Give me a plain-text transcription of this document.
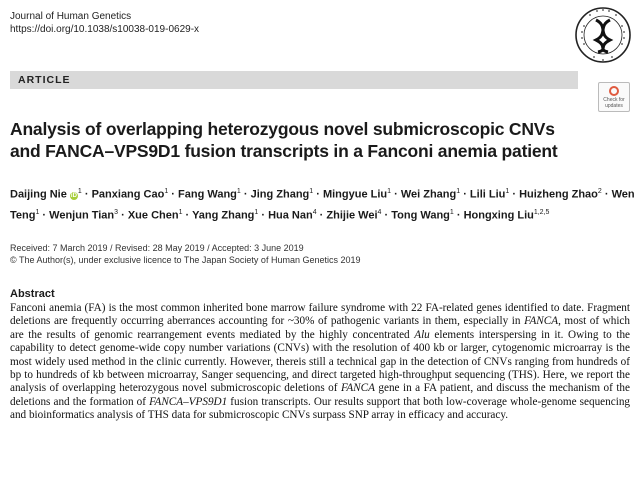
Journal of Human Genetics
https://doi.org/10.1038/s10038-019-0629-x
ARTICLE
Check for
updates
Analysis of overlapping heterozygous novel submicroscopic CNVs
and FANCA–VPS9D1 fusion transcripts in a Fanconi anemia patient
Daijing Nie $iD^1$ · Panxiang Cao$^1$ · Fang Wang$^1$ · Jing Zhang$^1$ · Mingyue Liu$^1$ · Wei Zhang$^1$ · Lili Liu$^1$ · Huizheng Zhao$^2$ · Wen Teng$^1$ · Wenjun Tian$^3$ · Xue Chen$^1$ · Yang Zhang$^1$ · Hua Nan$^4$ · Zhijie Wei$^4$ · Tong Wang$^1$ · Hongxing Liu$^{1,2,5}$
Received: 7 March 2019 / Revised: 28 May 2019 / Accepted: 3 June 2019
© The Author(s), under exclusive licence to The Japan Society of Human Genetics 2019
Abstract
Fanconi anemia (FA) is the most common inherited bone marrow failure syndrome with 22 FA-related genes identified to date. Fragment deletions are frequently occurring aberrances accounting for ~30% of pathogenic variants in them, especially in FANCA, most of which are the results of genomic rearrangement events mediated by the highly concentrated Alu elements interspersing in it. Owing to the capability to detect genome-wide copy number variations (CNVs) with the resolution of 400 kb or larger, cytogenomic microarray is the most widely used method in the clinic currently. However, thereis still a technical gap in the detection of CNVs ranging from hundreds of bp to hundreds of kb between microarray, Sanger sequencing, and direct targeted high-throughput sequencing (THS). Here, we report the analysis of overlapping heterozygous novel submicroscopic deletions of FANCA gene in a FA patient, and discuss the mechanism of the deletions and the formation of FANCA–VPS9D1 fusion transcripts. Our results support that both low-coverage whole-genome sequencing and bioinformatics analysis of THS data for submicroscopic CNVs surpass SNP array in efficacy and accuracy.
